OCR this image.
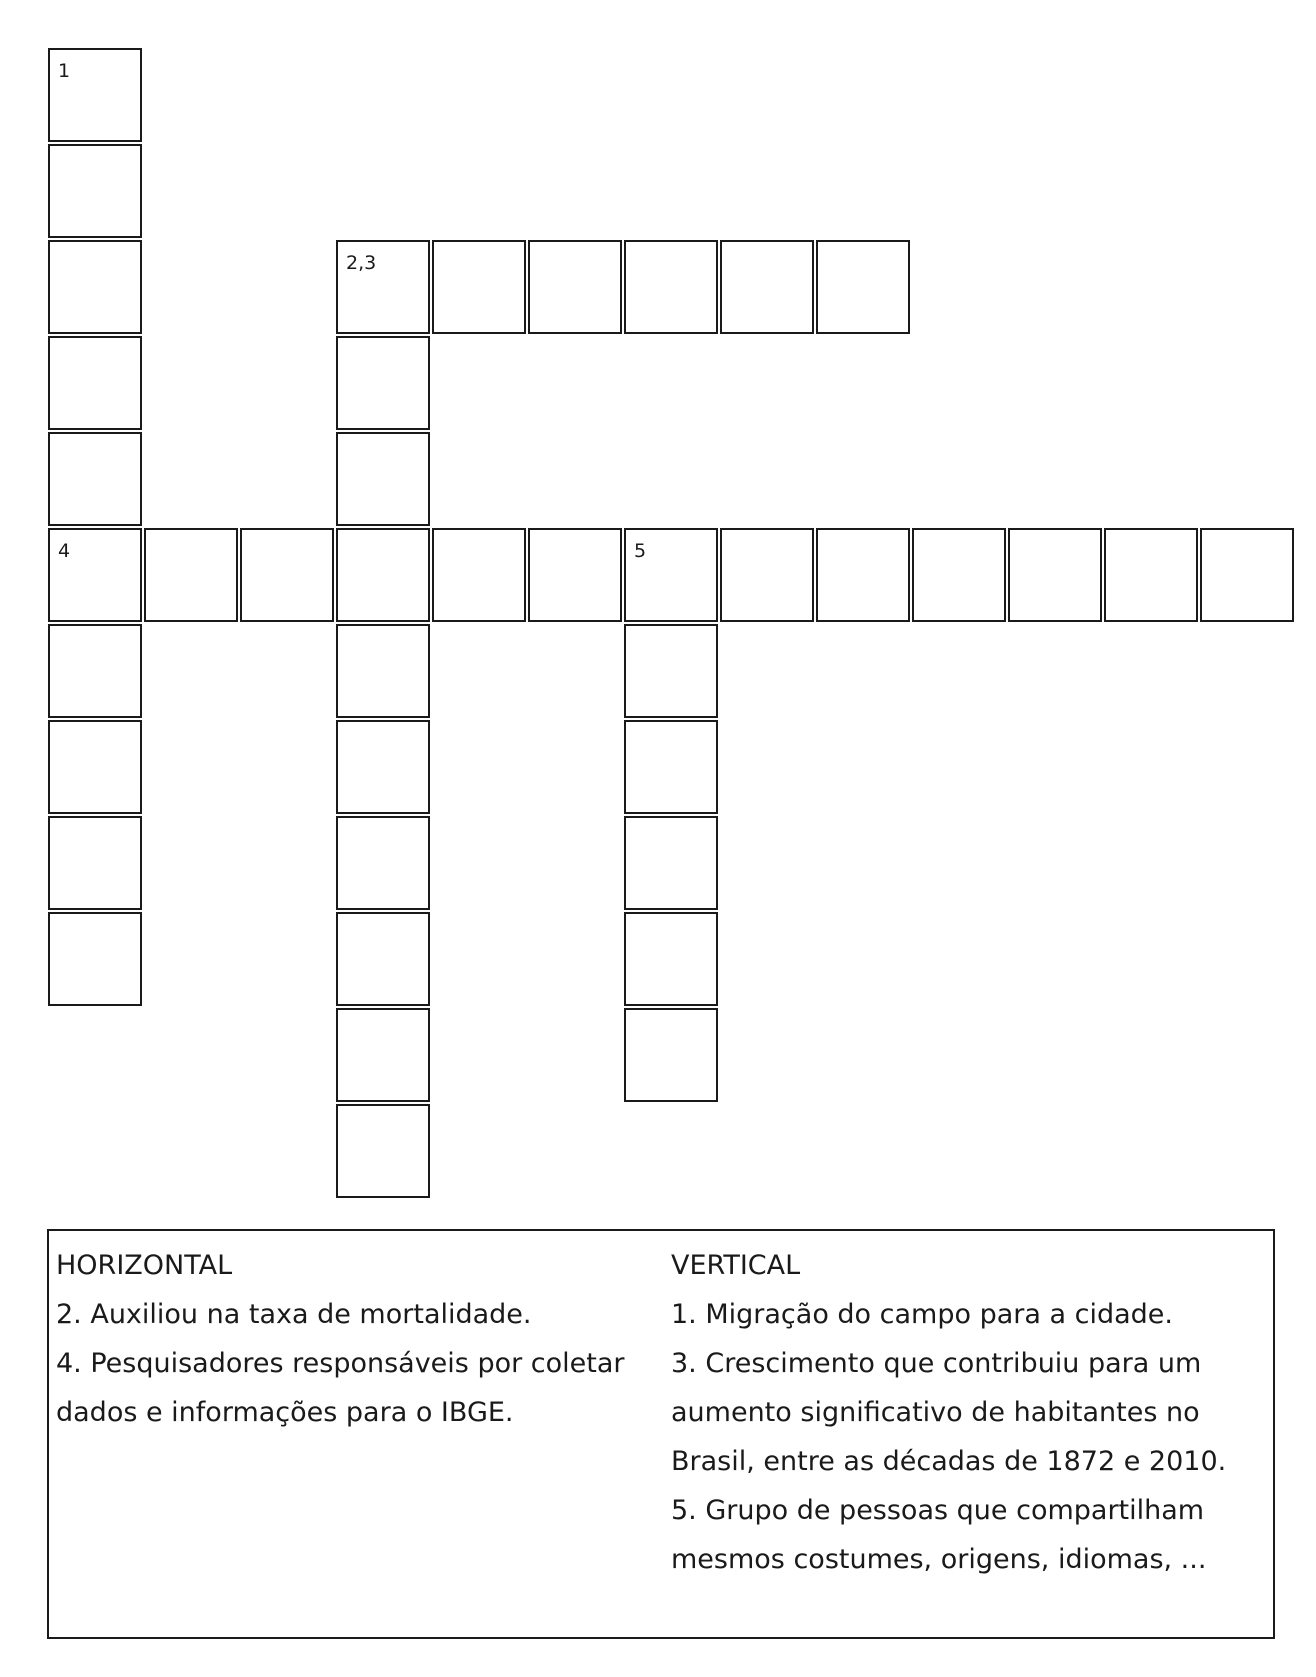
1
4
2,3
5
HORIZONTAL
2. Auxiliou na taxa de mortalidade.
4. Pesquisadores responsáveis por coletar
dados e informações para o IBGE.
VERTICAL
1. Migração do campo para a cidade.
3. Crescimento que contribuiu para um
aumento significativo de habitantes no
Brasil, entre as décadas de 1872 e 2010.
5. Grupo de pessoas que compartilham
mesmos costumes, origens, idiomas, ...
